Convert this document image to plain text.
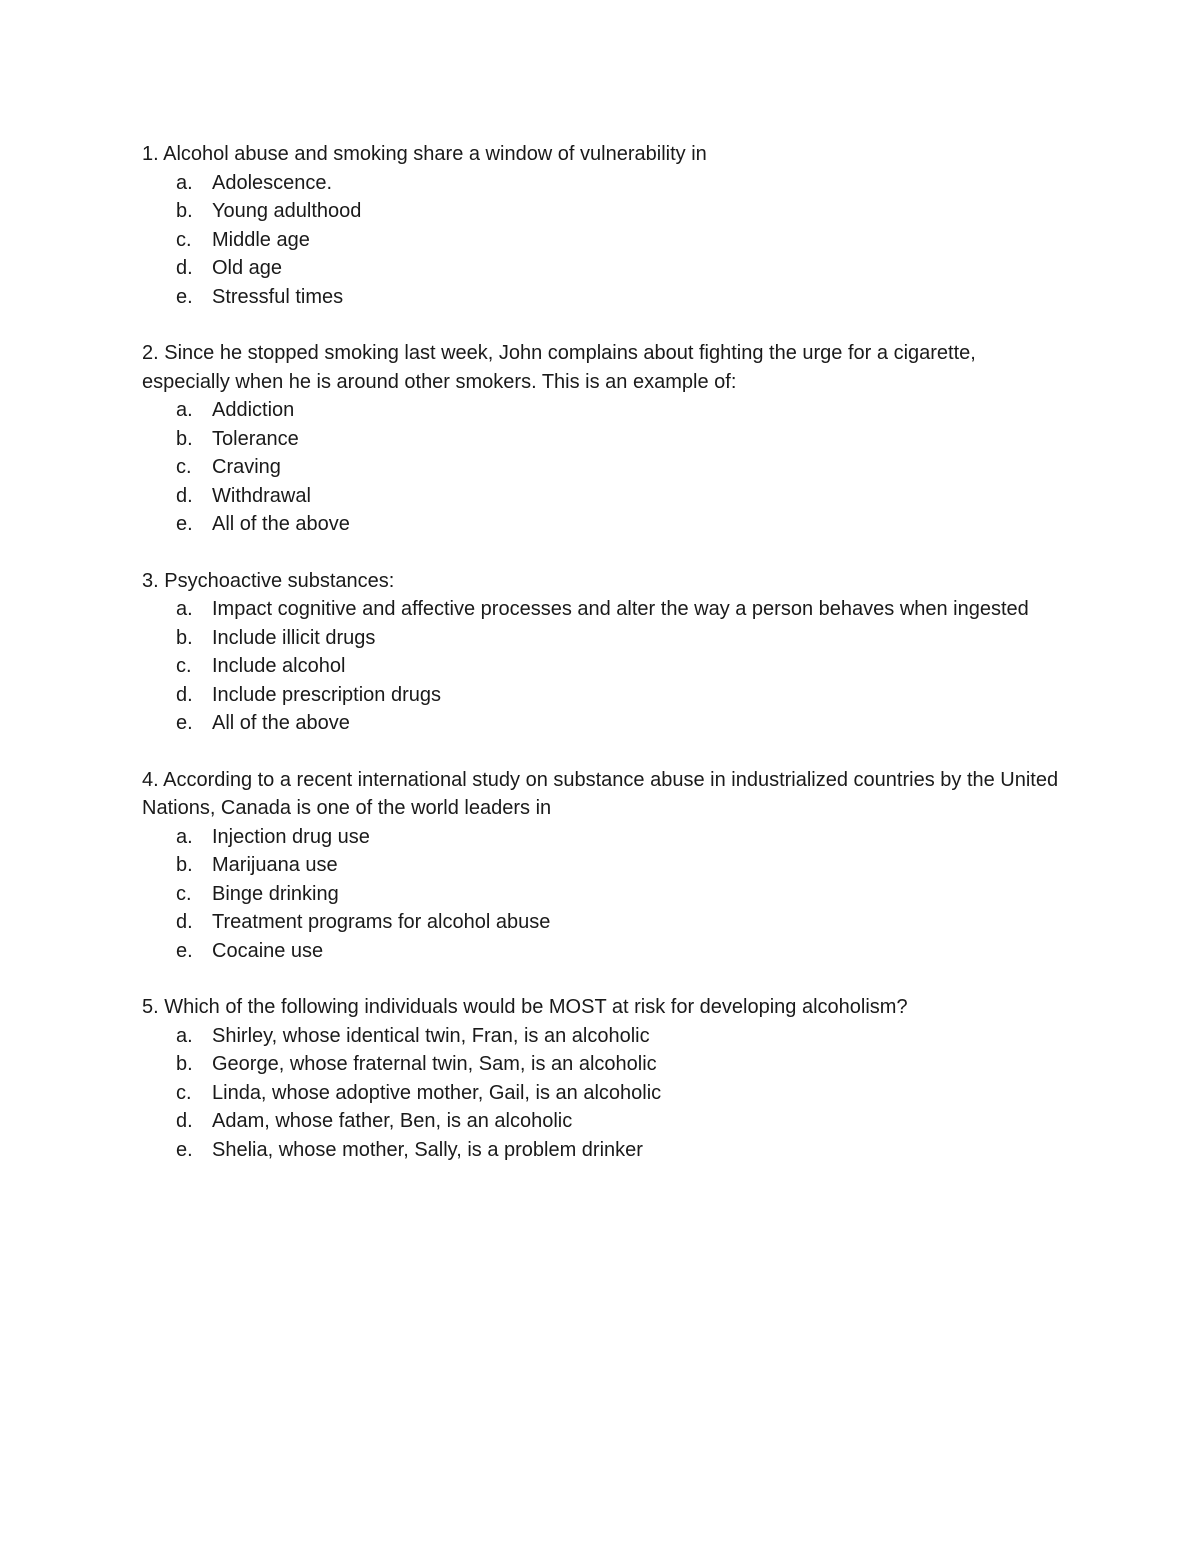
1. Alcohol abuse and smoking share a window of vulnerability in

a. Adolescence.
b. Young adulthood
c.	Middle age
d. Old age
e. Stressful times

2. Since he stopped smoking last week, John complains about fighting the urge for a cigarette, especially when he is around other smokers. This is an example of:

a. Addiction
b. Tolerance
c.	Craving
d. Withdrawal
e. All of the above

3. Psychoactive substances:

a. Impact cognitive and affective processes and alter the way a person behaves when ingested
b. Include illicit drugs
c.	Include alcohol
d. Include prescription drugs
e. All of the above

4. According to a recent international study on substance abuse in industrialized countries by the United Nations, Canada is one of the world leaders in

a. Injection drug use
b. Marijuana use
c.	Binge drinking
d. Treatment programs for alcohol abuse
e. Cocaine use

5. Which of the following individuals would be MOST at risk for developing alcoholism?

a. Shirley, whose identical twin, Fran, is an alcoholic
b. George, whose fraternal twin, Sam, is an alcoholic
c.	Linda, whose adoptive mother, Gail, is an alcoholic
d. Adam, whose father, Ben, is an alcoholic
e. Shelia, whose mother, Sally, is a problem drinker
